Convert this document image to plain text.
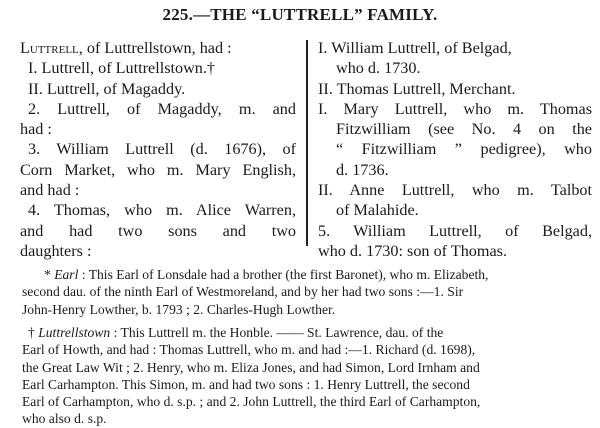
225.—THE “LUTTRELL” FAMILY.
Luttrell, of Luttrellstown, had :
I. Luttrell, of Luttrellstown.†
II. Luttrell, of Magaddy.
2. Luttrell, of Magaddy, m. and
had :
3. William Luttrell (d. 1676), of
Corn Market, who m. Mary English,
and had :
4. Thomas, who m. Alice Warren,
and had two sons and two
daughters :
I. William Luttrell, of Belgad,
who d. 1730.
II. Thomas Luttrell, Merchant.
I. Mary Luttrell, who m. Thomas
Fitzwilliam (see No. 4 on the
“ Fitzwilliam ” pedigree), who
d. 1736.
II. Anne Luttrell, who m. Talbot
of Malahide.
5. William Luttrell, of Belgad,
who d. 1730: son of Thomas.
* Earl : This Earl of Lonsdale had a brother (the first Baronet), who m. Elizabeth,
second dau. of the ninth Earl of Westmoreland, and by her had two sons :—1. Sir
John-Henry Lowther, b. 1793 ; 2. Charles-Hugh Lowther.
† Luttrellstown : This Luttrell m. the Honble. —— St. Lawrence, dau. of the
Earl of Howth, and had : Thomas Luttrell, who m. and had :—1. Richard (d. 1698),
the Great Law Wit ; 2. Henry, who m. Eliza Jones, and had Simon, Lord Irnham and
Earl Carhampton. This Simon, m. and had two sons : 1. Henry Luttrell, the second
Earl of Carhampton, who d. s.p. ; and 2. John Luttrell, the third Earl of Carhampton,
who also d. s.p.
